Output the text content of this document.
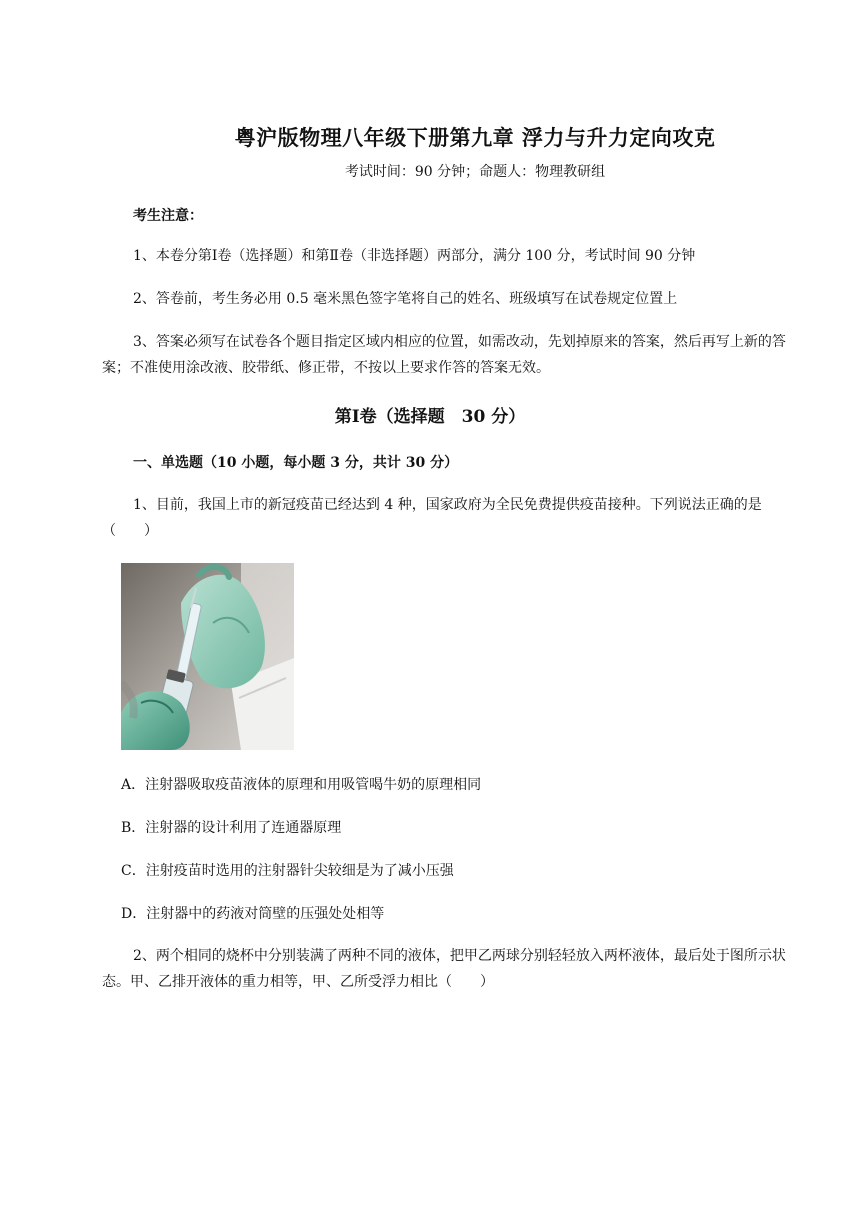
粤沪版物理八年级下册第九章 浮力与升力定向攻克
考试时间：90 分钟；命题人：物理教研组
考生注意：
1、本卷分第Ⅰ卷（选择题）和第Ⅱ卷（非选择题）两部分，满分 100 分，考试时间 90 分钟
2、答卷前，考生务必用 0.5 毫米黑色签字笔将自己的姓名、班级填写在试卷规定位置上
3、答案必须写在试卷各个题目指定区域内相应的位置，如需改动，先划掉原来的答案，然后再写上新的答案；不准使用涂改液、胶带纸、修正带，不按以上要求作答的答案无效。
第Ⅰ卷（选择题　30 分）
一、单选题（10 小题，每小题 3 分，共计 30 分）
1、目前，我国上市的新冠疫苗已经达到 4 种，国家政府为全民免费提供疫苗接种。下列说法正确的是（　　）
A．注射器吸取疫苗液体的原理和用吸管喝牛奶的原理相同
B．注射器的设计利用了连通器原理
C．注射疫苗时选用的注射器针尖较细是为了减小压强
D．注射器中的药液对筒壁的压强处处相等
2、两个相同的烧杯中分别装满了两种不同的液体，把甲乙两球分别轻轻放入两杯液体，最后处于图所示状态。甲、乙排开液体的重力相等，甲、乙所受浮力相比（　　）
